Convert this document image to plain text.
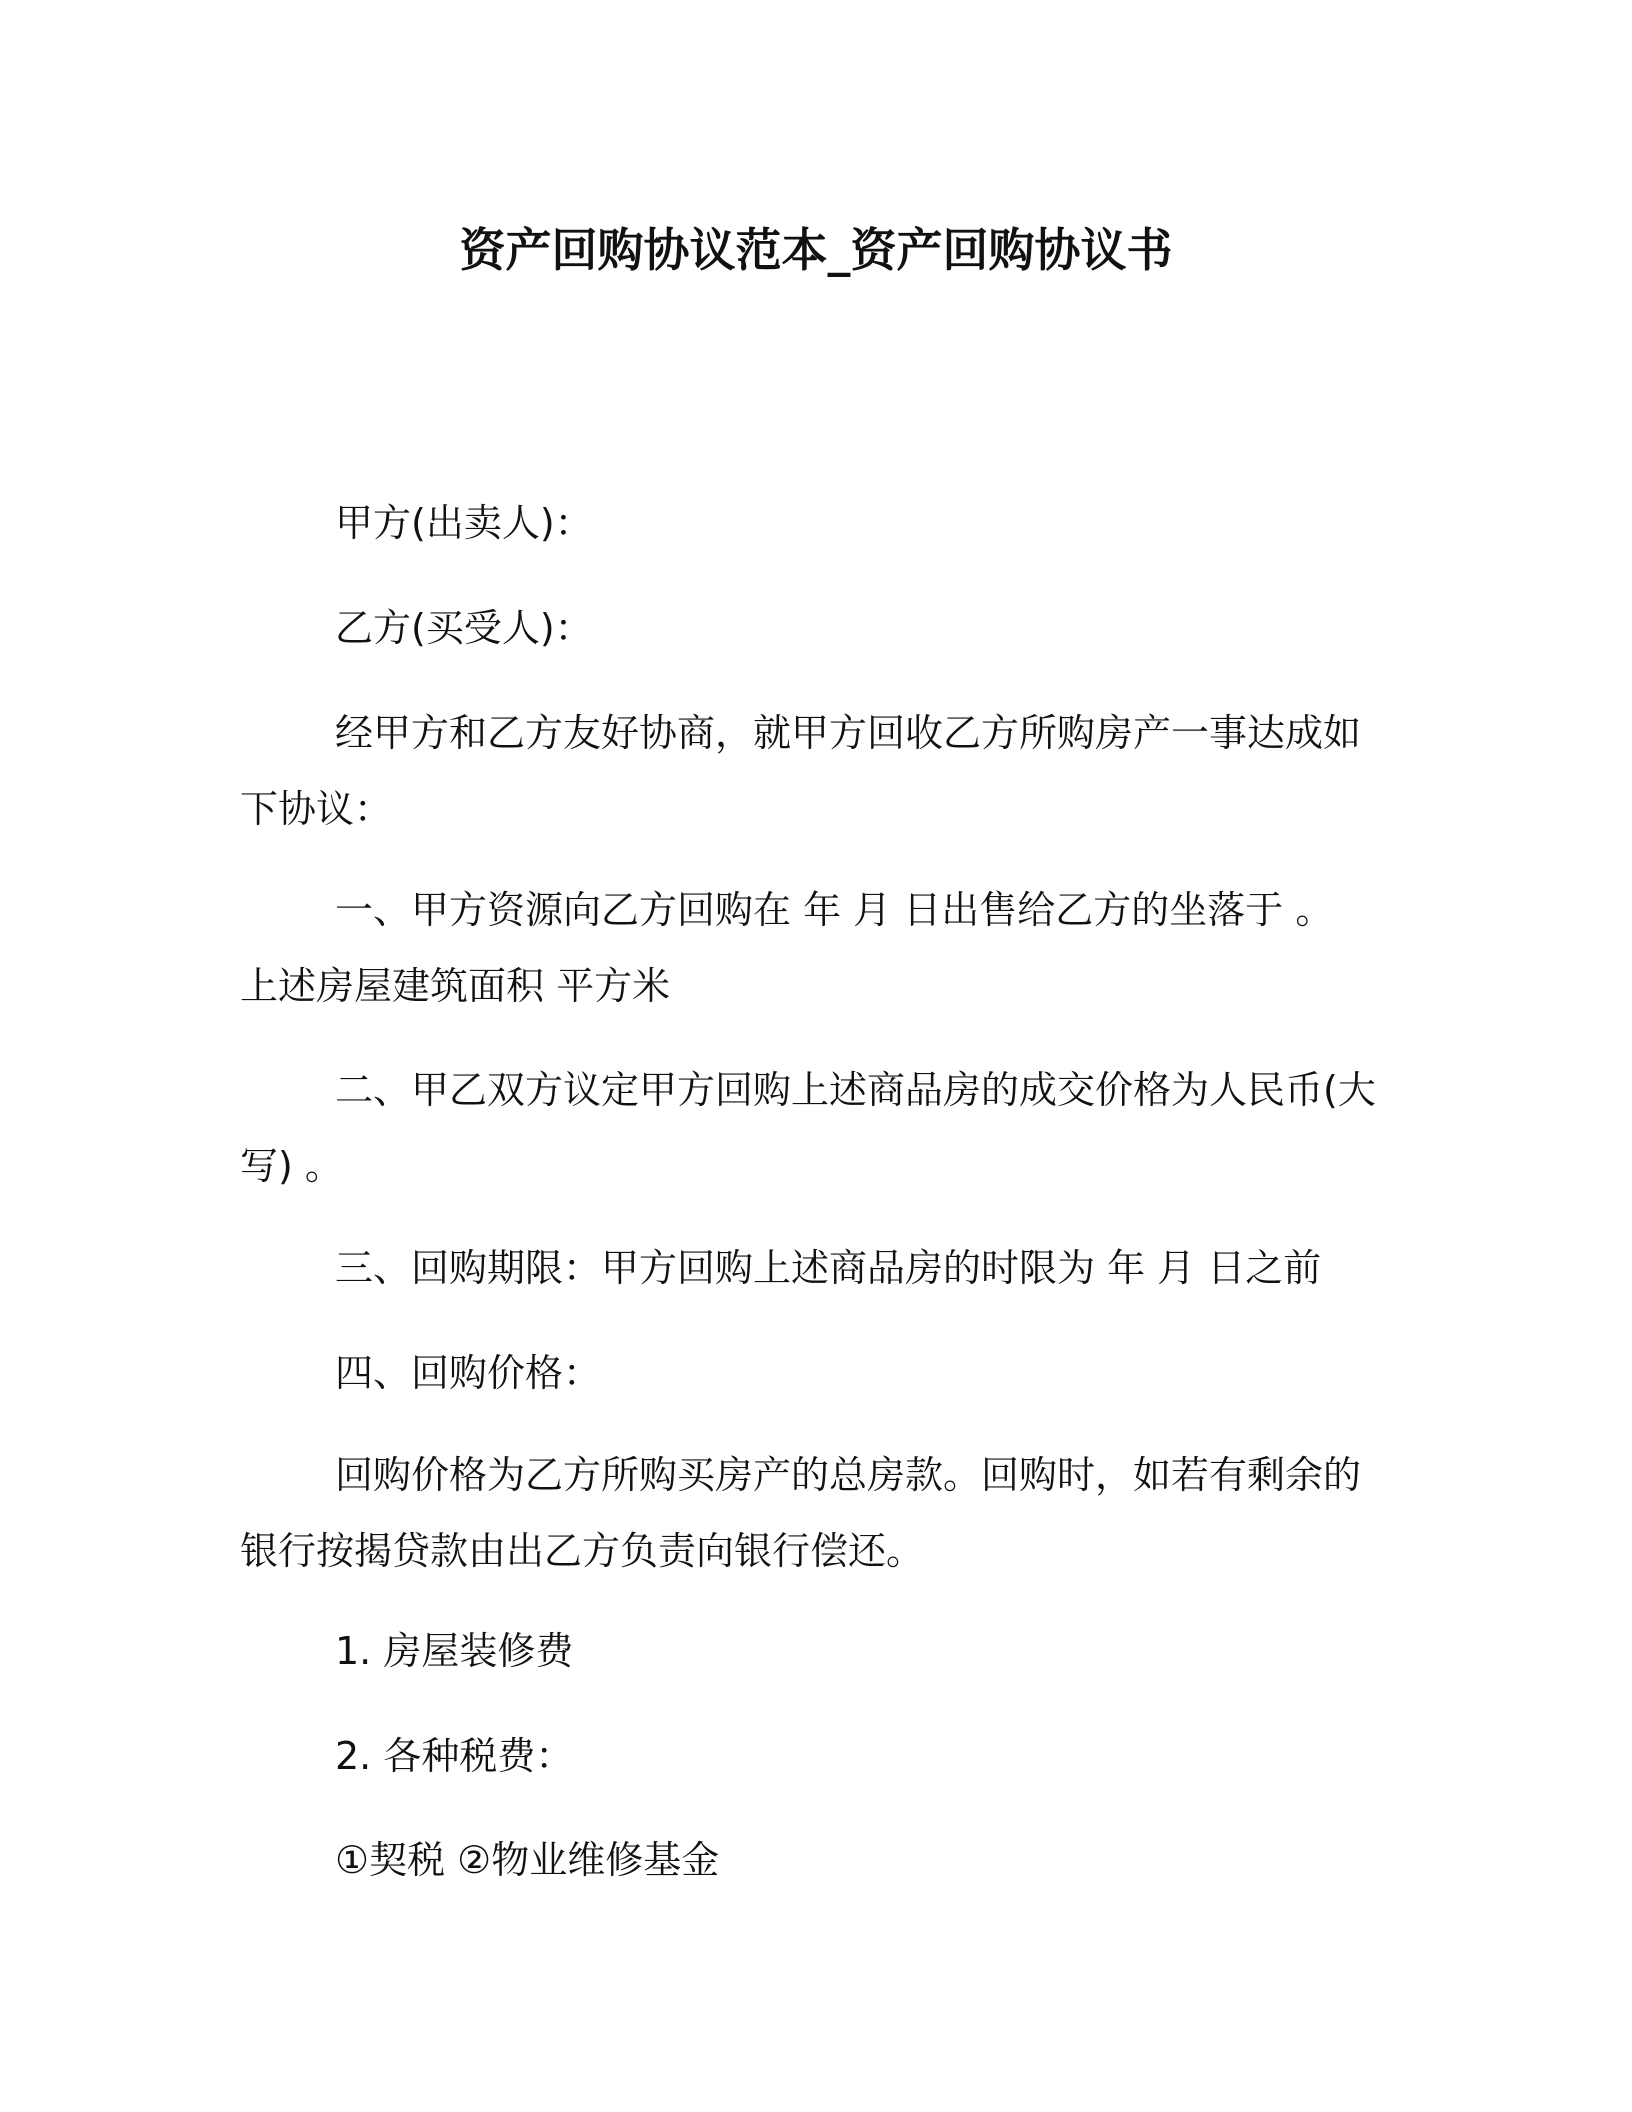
资产回购协议范本_资产回购协议书

甲方(出卖人)：

乙方(买受人)：

经甲方和乙方友好协商，就甲方回收乙方所购房产一事达成如下协议：

一、甲方资源向乙方回购在 年 月 日出售给乙方的坐落于 。 上述房屋建筑面积 平方米

二、甲乙双方议定甲方回购上述商品房的成交价格为人民币(大写) 。

三、回购期限：甲方回购上述商品房的时限为 年 月 日之前

四、回购价格：

回购价格为乙方所购买房产的总房款。回购时，如若有剩余的银行按揭贷款由出乙方负责向银行偿还。

1. 房屋装修费

2. 各种税费：

①契税 ②物业维修基金
